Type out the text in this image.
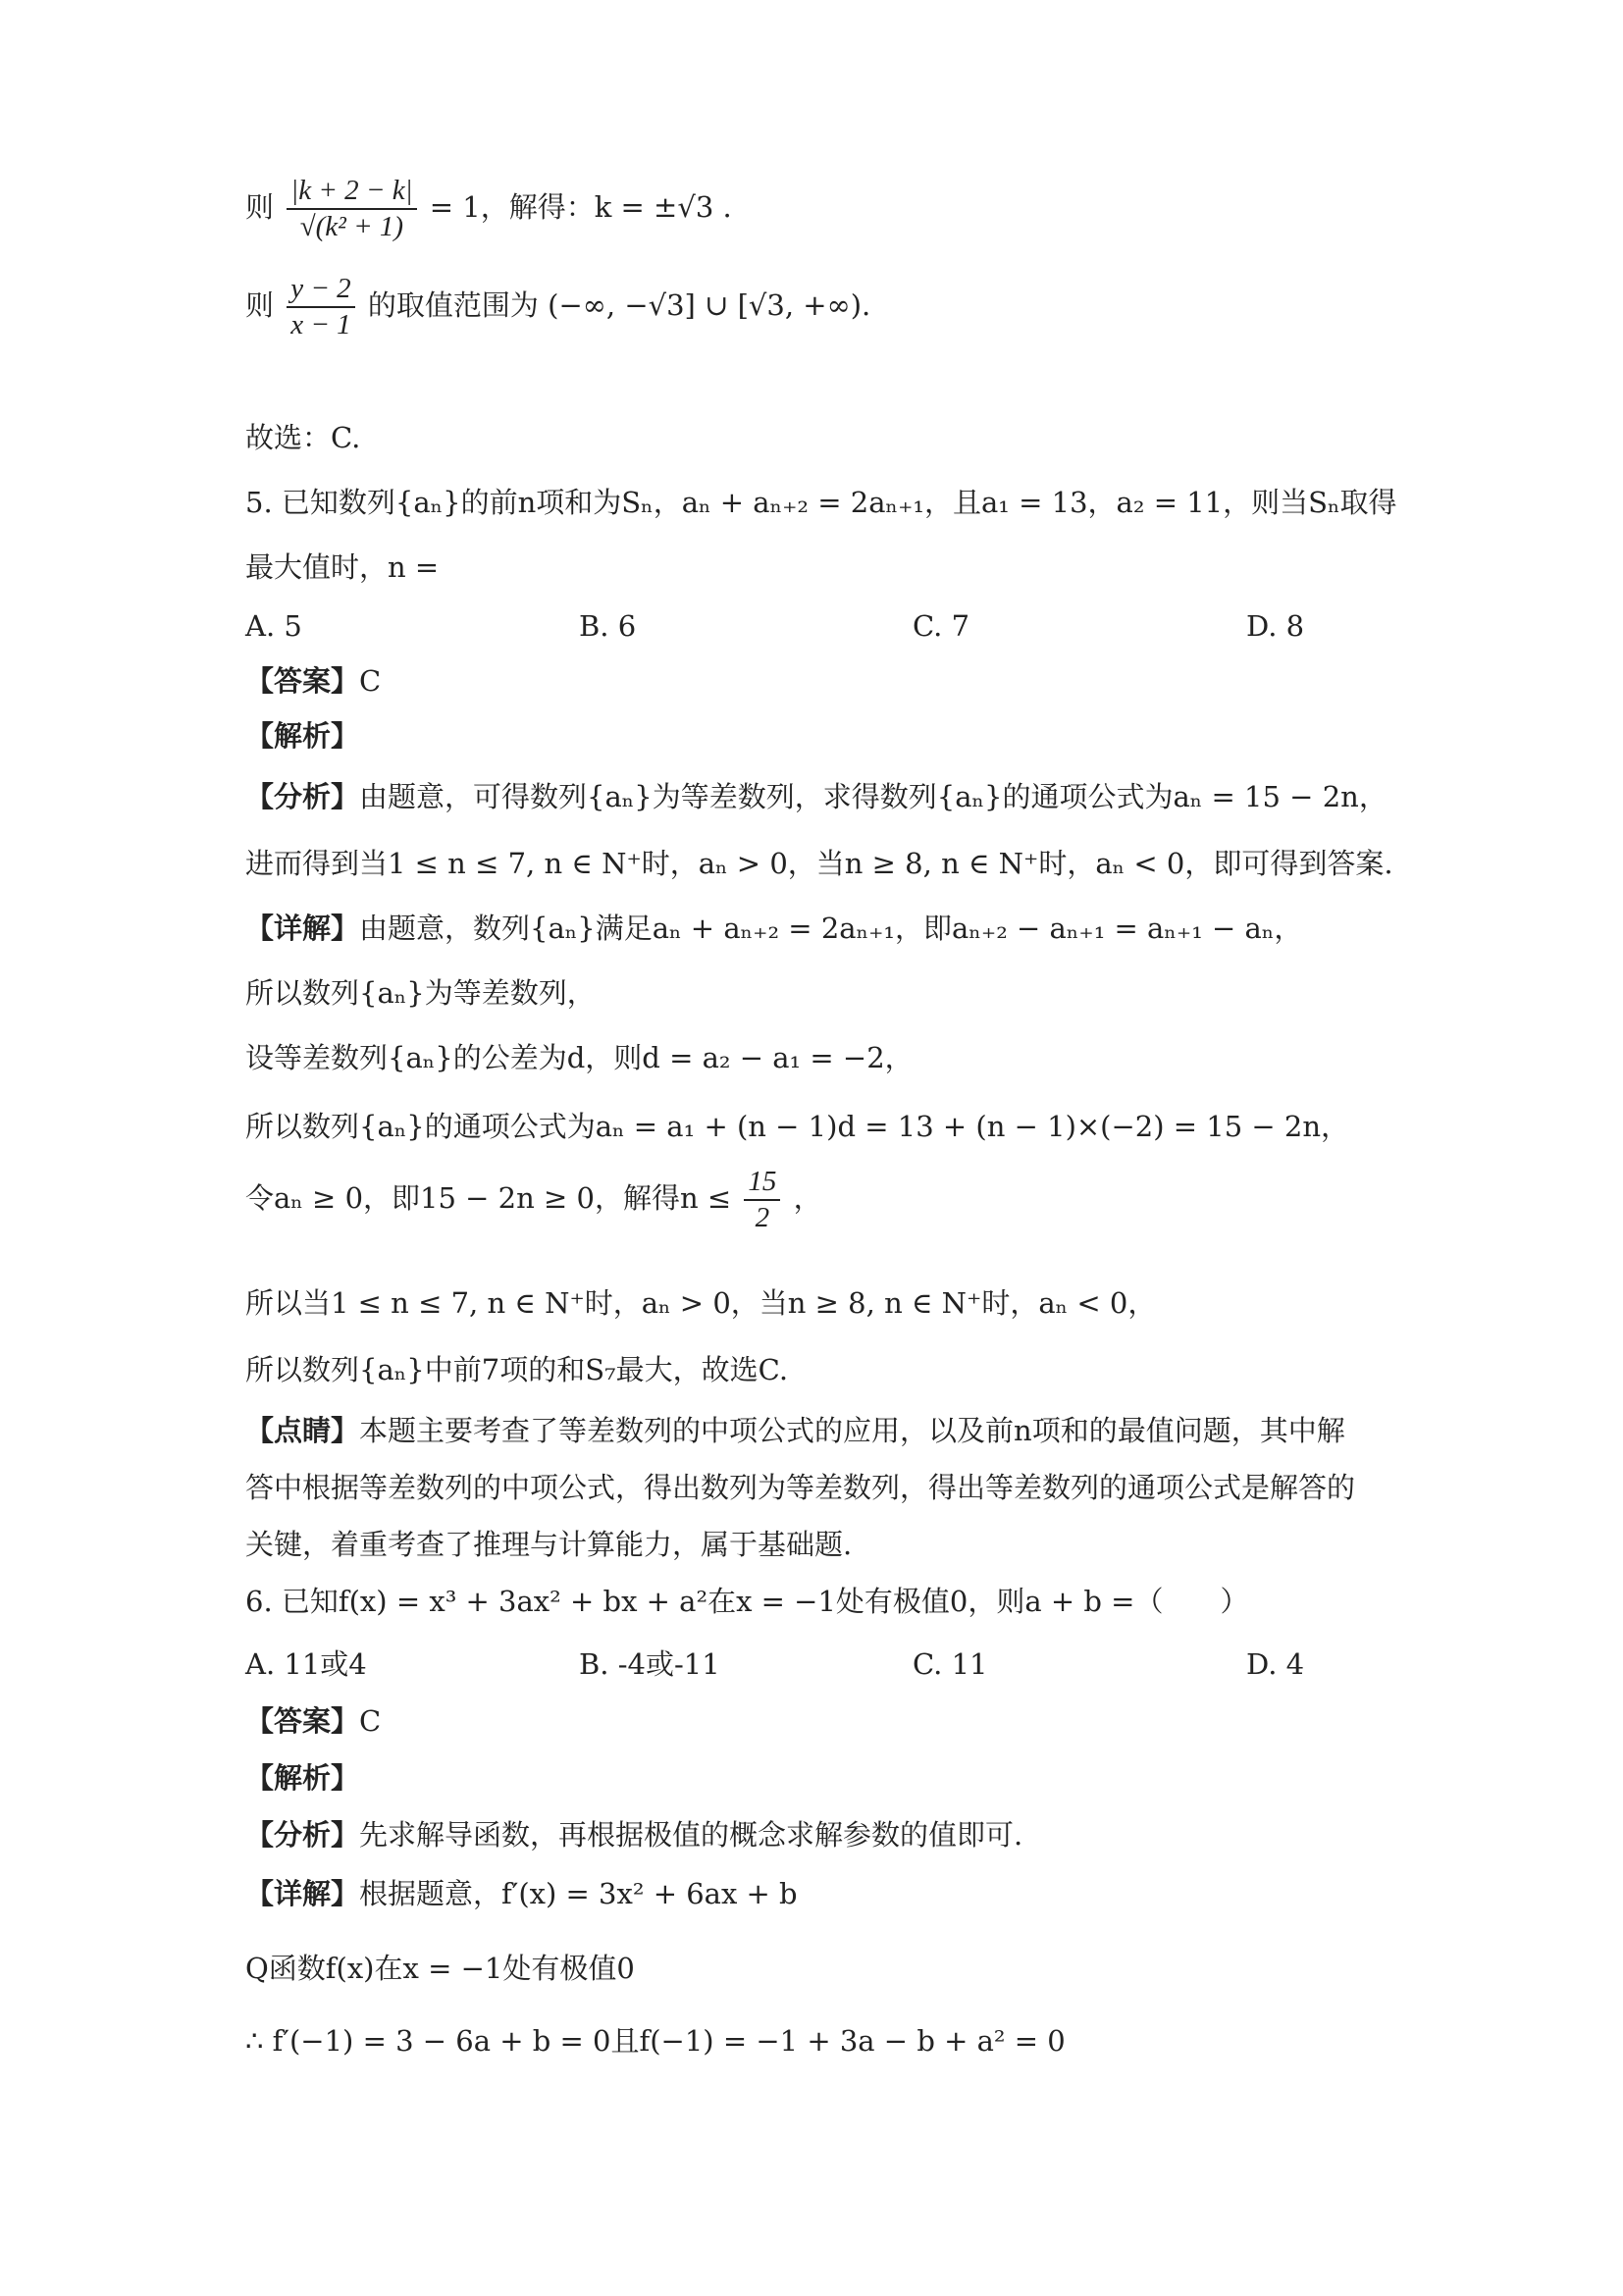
则 $\frac{|k + 2 - k|}{\text{√(k² + 1)}} = 1$，解得：k = ±√3 .
则 $\frac{y - 2}{x - 1}$ 的取值范围为 (−∞, −√3] ∪ [√3, +∞).
故选：C.
5. 已知数列{aₙ}的前n项和为Sₙ，aₙ + aₙ₊₂ = 2aₙ₊₁，且a₁ = 13，a₂ = 11，则当Sₙ取得
最大值时，n =
A. 5	B. 6	C. 7	D. 8
【答案】C
【解析】
【分析】由题意，可得数列{aₙ}为等差数列，求得数列{aₙ}的通项公式为aₙ = 15 − 2n，
进而得到当1 ≤ n ≤ 7, n ∈ N⁺时，aₙ > 0，当n ≥ 8, n ∈ N⁺时，aₙ < 0，即可得到答案.
【详解】由题意，数列{aₙ}满足aₙ + aₙ₊₂ = 2aₙ₊₁，即aₙ₊₂ − aₙ₊₁ = aₙ₊₁ − aₙ，
所以数列{aₙ}为等差数列，
设等差数列{aₙ}的公差为d，则d = a₂ − a₁ = −2，
所以数列{aₙ}的通项公式为aₙ = a₁ + (n − 1)d = 13 + (n − 1)×(−2) = 15 − 2n，
令aₙ ≥ 0，即15 − 2n ≥ 0，解得$n \le \frac{15}{2}$ ，
所以当1 ≤ n ≤ 7, n ∈ N⁺时，aₙ > 0，当n ≥ 8, n ∈ N⁺时，aₙ < 0，
所以数列{aₙ}中前7项的和S₇最大，故选C.
【点睛】本题主要考查了等差数列的中项公式的应用，以及前n项和的最值问题，其中解
答中根据等差数列的中项公式，得出数列为等差数列，得出等差数列的通项公式是解答的
关键，着重考查了推理与计算能力，属于基础题.
6. 已知f(x) = x³ + 3ax² + bx + a²在x = −1处有极值0，则a + b =（　　）
A. 11或4	B. -4或-11	C. 11	D. 4
【答案】C
【解析】
【分析】先求解导函数，再根据极值的概念求解参数的值即可.
【详解】根据题意，f′(x) = 3x² + 6ax + b
Q函数f(x)在x = −1处有极值0
∴ f′(−1) = 3 − 6a + b = 0且f(−1) = −1 + 3a − b + a² = 0
